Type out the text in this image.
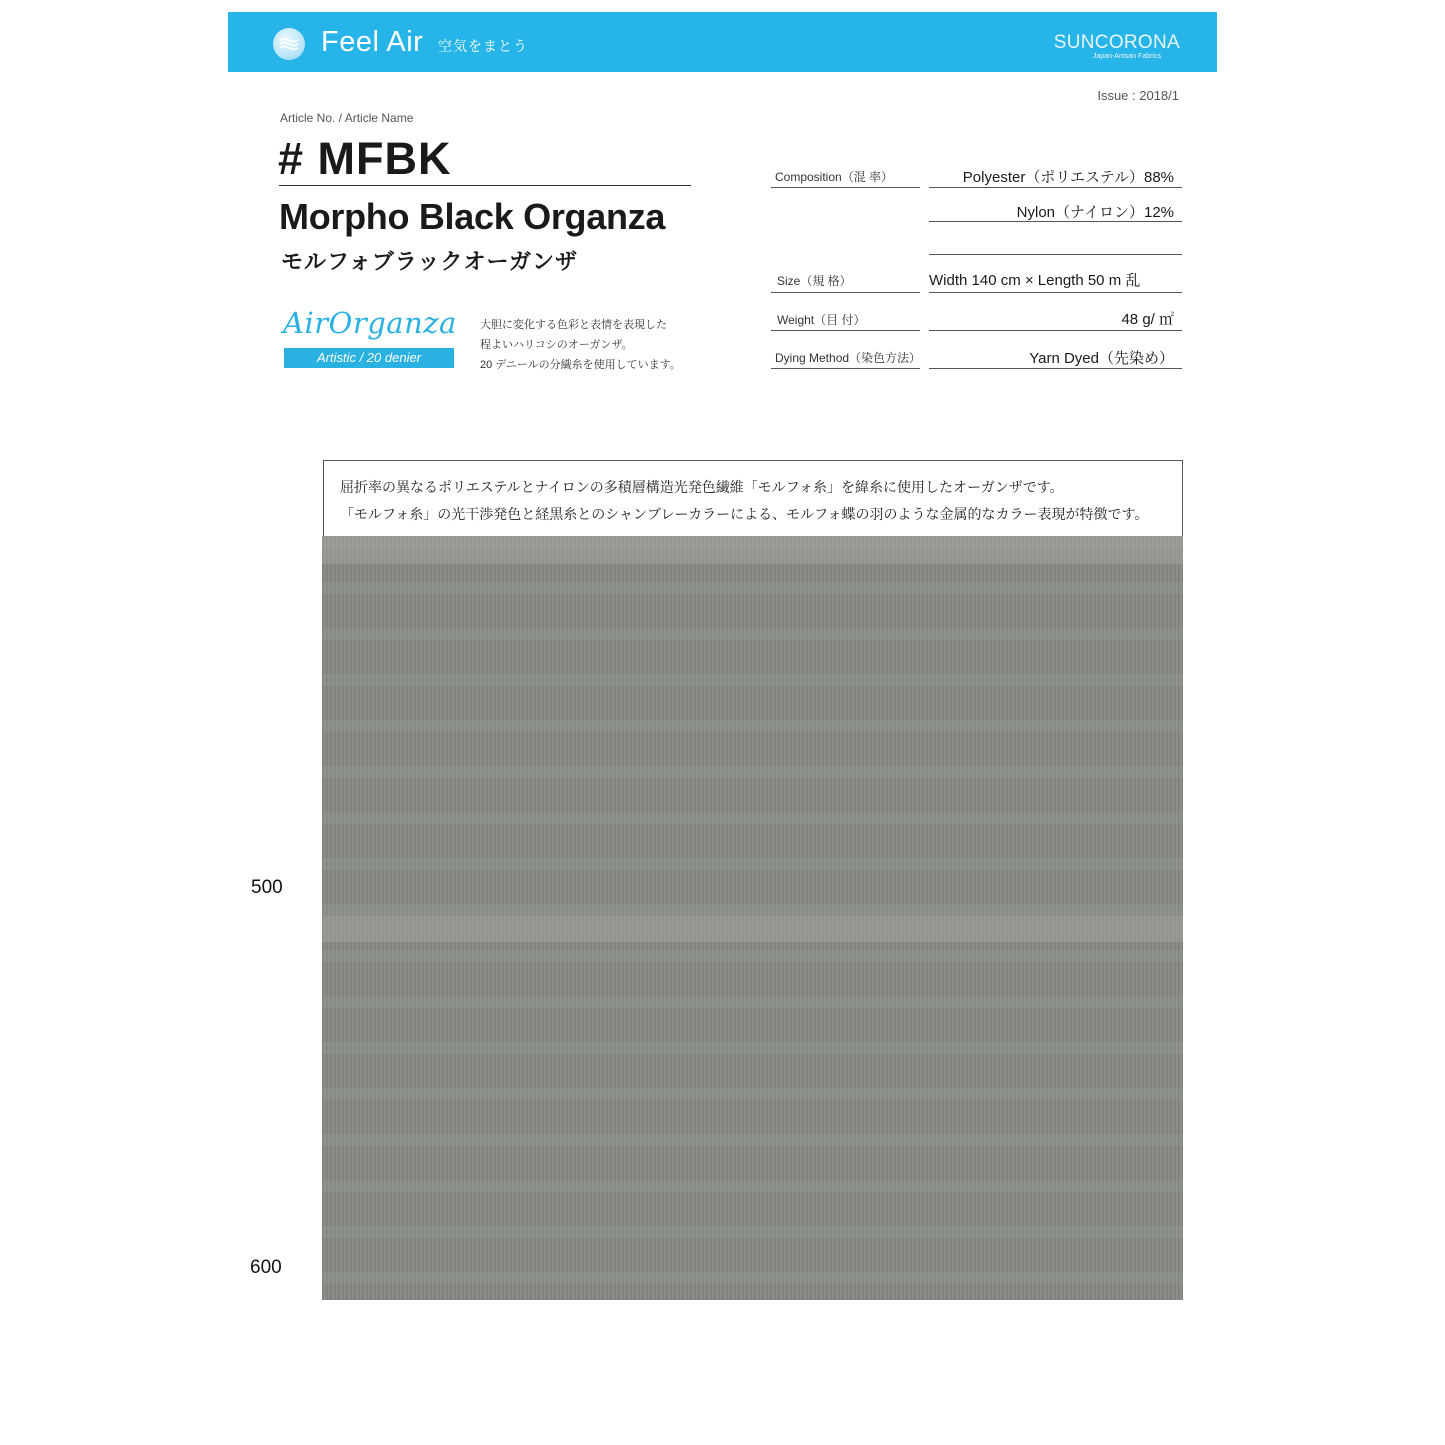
Feel Air 空気をまとう	SUNCORONA
Japan-Artisan Fabrics
Issue : 2018/1
Article No. / Article Name
# MFBK
Morpho Black Organza
モルフォブラックオーガンザ
AirOrganza
Artistic / 20 denier
大胆に変化する色彩と表情を表現した
程よいハリコシのオーガンザ。
20 デニールの分繊糸を使用しています。
Composition（混 率）	Polyester（ポリエステル）88%
Nylon（ナイロン）12%
Size（規 格）	Width 140 cm × Length 50 m 乱
Weight（目 付）	48 g/ ㎡
Dying Method（染色方法）	Yarn Dyed（先染め）
屈折率の異なるポリエステルとナイロンの多積層構造光発色繊維「モルフォ糸」を緯糸に使用したオーガンザです。
「モルフォ糸」の光干渉発色と経黒糸とのシャンブレーカラーによる、モルフォ蝶の羽のような金属的なカラー表現が特徴です。
500
600
